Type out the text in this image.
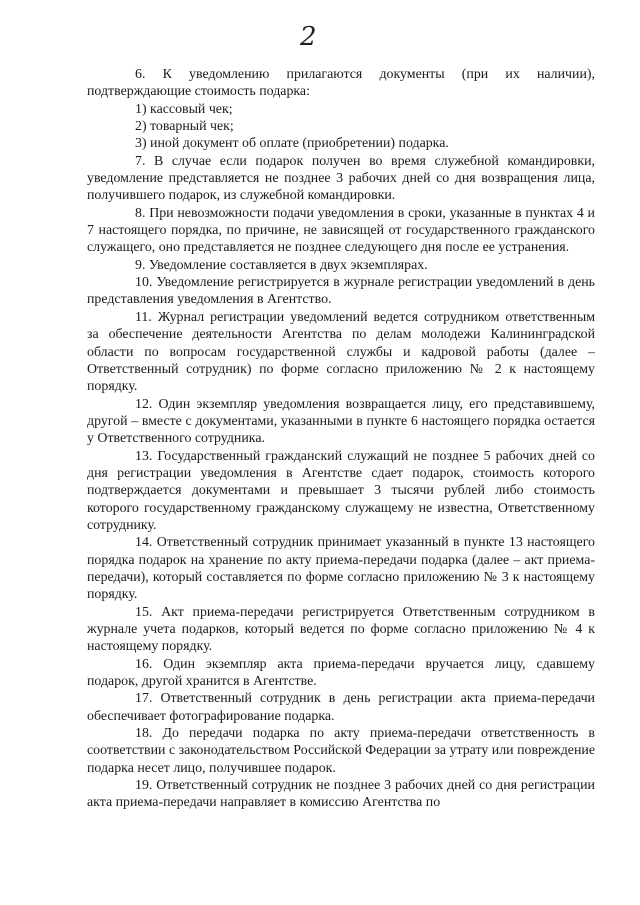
2

6. К уведомлению прилагаются документы (при их наличии), подтверждающие стоимость подарка:

1) кассовый чек;

2) товарный чек;

3) иной документ об оплате (приобретении) подарка.

7. В случае если подарок получен во время служебной командировки, уведомление представляется не позднее 3 рабочих дней со дня возвращения лица, получившего подарок, из служебной командировки.

8. При невозможности подачи уведомления в сроки, указанные в пунктах 4 и 7 настоящего порядка, по причине, не зависящей от государственного гражданского служащего, оно представляется не позднее следующего дня после ее устранения.

9. Уведомление составляется в двух экземплярах.

10. Уведомление регистрируется в журнале регистрации уведомлений в день представления уведомления в Агентство.

11. Журнал регистрации уведомлений ведется сотрудником ответственным за обеспечение деятельности Агентства по делам молодежи Калининградской области по вопросам государственной службы и кадровой работы (далее – Ответственный сотрудник) по форме согласно приложению № 2 к настоящему порядку.

12. Один экземпляр уведомления возвращается лицу, его представившему, другой – вместе с документами, указанными в пункте 6 настоящего порядка остается у Ответственного сотрудника.

13. Государственный гражданский служащий не позднее 5 рабочих дней со дня регистрации уведомления в Агентстве сдает подарок, стоимость которого подтверждается документами и превышает 3 тысячи рублей либо стоимость которого государственному гражданскому служащему не известна, Ответственному сотруднику.

14. Ответственный сотрудник принимает указанный в пункте 13 настоящего порядка подарок на хранение по акту приема-передачи подарка (далее – акт приема-передачи), который составляется по форме согласно приложению № 3 к настоящему порядку.

15. Акт приема-передачи регистрируется Ответственным сотрудником в журнале учета подарков, который ведется по форме согласно приложению № 4 к настоящему порядку.

16. Один экземпляр акта приема-передачи вручается лицу, сдавшему подарок, другой хранится в Агентстве.

17. Ответственный сотрудник в день регистрации акта приема-передачи обеспечивает фотографирование подарка.

18. До передачи подарка по акту приема-передачи ответственность в соответствии с законодательством Российской Федерации за утрату или повреждение подарка несет лицо, получившее подарок.

19. Ответственный сотрудник не позднее 3 рабочих дней со дня регистрации акта приема-передачи направляет в комиссию Агентства по
